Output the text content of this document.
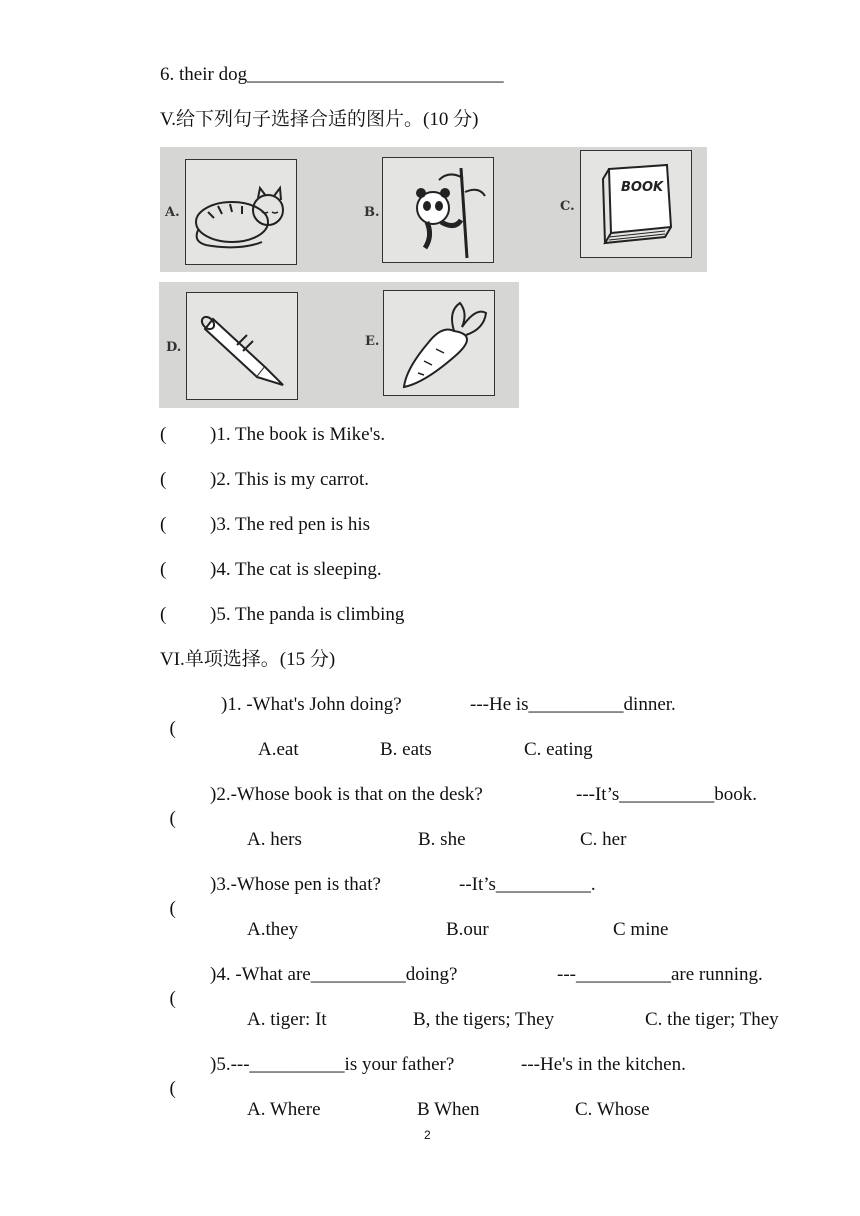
6. their dog___________________________
V.给下列句子选择合适的图片。(10 分)
A.	B.	C.
BOOK
D.	E.
( )1. The book is Mike's.
( )2. This is my carrot.
( )3. The red pen is his
( )4. The cat is sleeping.
( )5. The panda is climbing
VI.单项选择。(15 分)

(

)1. -What's John doing?

	---He is__________dinner.

A.eat	B. eats	C. eating

(

)2.-Whose book is that on the desk?

	---It’s__________book.

A. hers	B. she	C. her

(

)3.-Whose pen is that?

	--It’s__________.

A.they	B.our	C mine

(

)4. -What are__________doing?

	---__________are running.

A. tiger: It	B, the tigers; They	C. the tiger; They

(

)5.---__________is your father?

	---He's in the kitchen.

A. Where	B When	C. Whose
2
